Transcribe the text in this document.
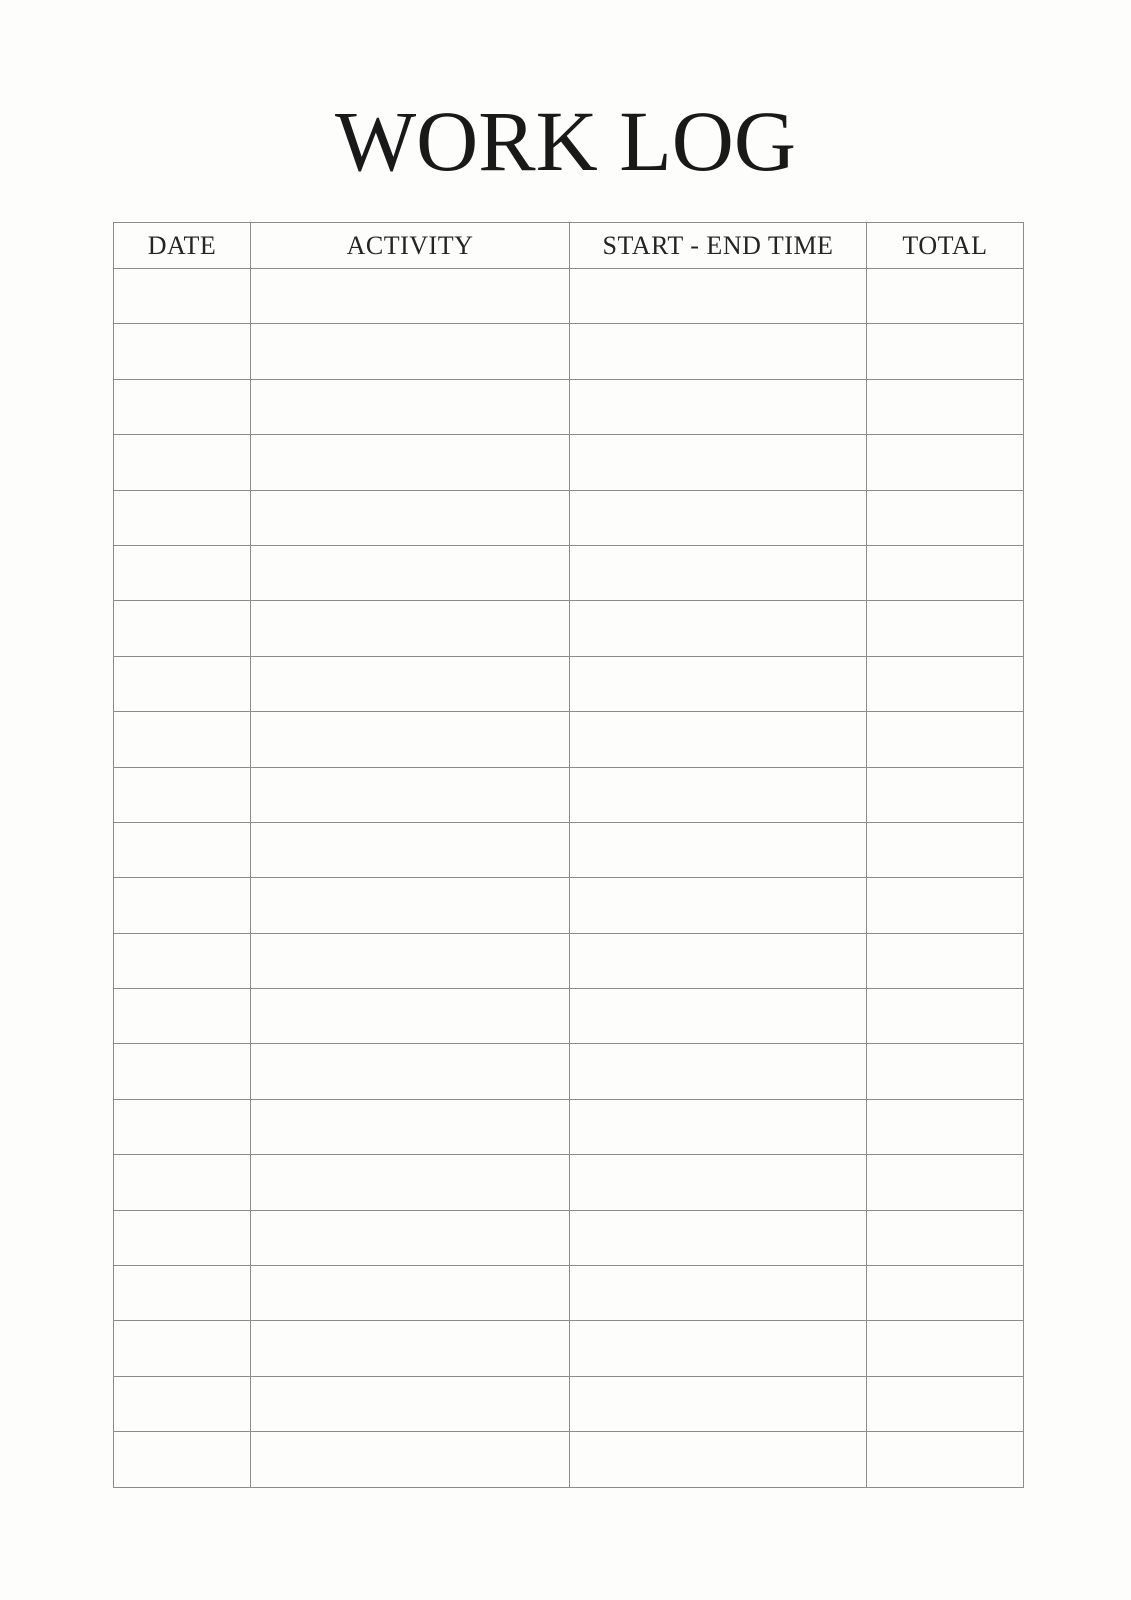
WORK LOG
DATE	ACTIVITY	START - END TIME	TOTAL
